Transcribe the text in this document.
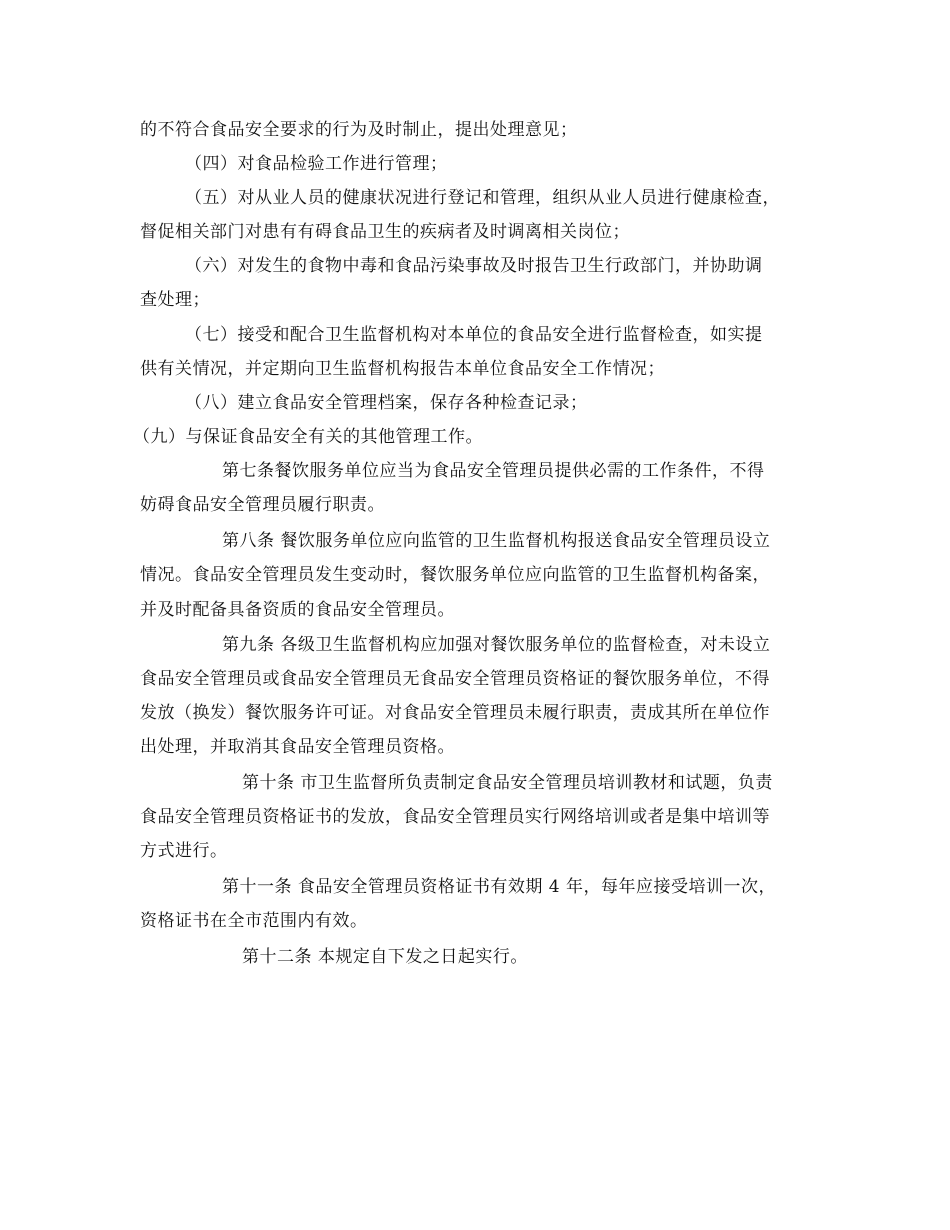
的不符合食品安全要求的行为及时制止，提出处理意见；
（四）对食品检验工作进行管理；
（五）对从业人员的健康状况进行登记和管理，组织从业人员进行健康检查，
督促相关部门对患有有碍食品卫生的疾病者及时调离相关岗位；
（六）对发生的食物中毒和食品污染事故及时报告卫生行政部门，并协助调
查处理；
（七）接受和配合卫生监督机构对本单位的食品安全进行监督检查，如实提
供有关情况，并定期向卫生监督机构报告本单位食品安全工作情况；
（八）建立食品安全管理档案，保存各种检查记录；
（九）与保证食品安全有关的其他管理工作。
第七条餐饮服务单位应当为食品安全管理员提供必需的工作条件，不得
妨碍食品安全管理员履行职责。
第八条 餐饮服务单位应向监管的卫生监督机构报送食品安全管理员设立
情况。食品安全管理员发生变动时，餐饮服务单位应向监管的卫生监督机构备案，
并及时配备具备资质的食品安全管理员。
第九条 各级卫生监督机构应加强对餐饮服务单位的监督检查，对未设立
食品安全管理员或食品安全管理员无食品安全管理员资格证的餐饮服务单位，不得
发放（换发）餐饮服务许可证。对食品安全管理员未履行职责，责成其所在单位作
出处理，并取消其食品安全管理员资格。
第十条 市卫生监督所负责制定食品安全管理员培训教材和试题，负责
食品安全管理员资格证书的发放，食品安全管理员实行网络培训或者是集中培训等
方式进行。
第十一条 食品安全管理员资格证书有效期 4 年，每年应接受培训一次，
资格证书在全市范围内有效。
第十二条 本规定自下发之日起实行。
